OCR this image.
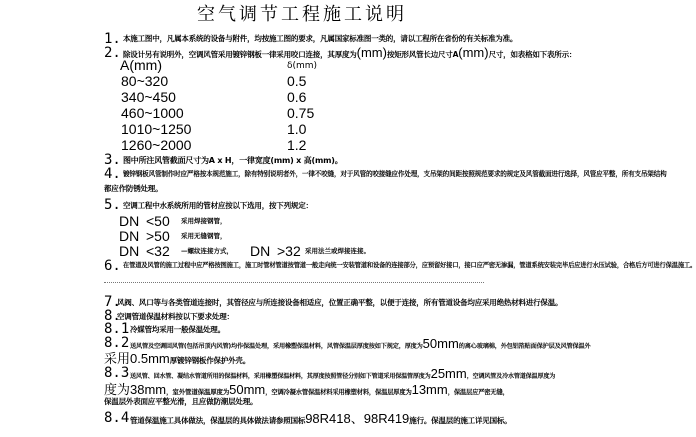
空气调节工程施工说明
1. 本施工图中，凡属本系统的设备与附件，均按施工图的要求，凡属国家标准图一类的，请以工程所在省份的有关标准为准。
2. 除设计另有说明外，空调风管采用镀锌钢板一律采用咬口连接，其厚度为(mm)按矩形风管长边尺寸A(mm)尺寸，如表格如下表所示：
A(mm)	δ(mm)
80~320	0.5
340~450	0.6
460~1000	0.75
1010~1250	1.0
1260~2000	1.2
3. 图中所注风管截面尺寸为A x H，一律宽度(mm) x 高(mm)。
4. 镀锌钢板风管制作时应严格按本规范施工，除有特别说明者外，一律不咬缝，对于风管的咬接缝应作处理，支吊架的间距按照规范要求的规定及风管截面进行选择，风管应平整，所有支吊架结构
都应作防锈处理。
5. 空调工程中水系统所用的管材应按以下选用，按下列规定：
DN <50 采用焊接钢管，
DN >50 采用无缝钢管，
DN <32 —螺纹连接方式， DN >32 采用法兰或焊接连接。
6. 在管道及风管的施工过程中应严格按图施工，施工时管材管道按管道一般走向统一安装管道和设备的连接部分，应预留好接口，接口应严密无渗漏，管道系统安装完毕后应进行水压试验，合格后方可进行保温施工。
7.
风阀、风口等与各类管道连接时，其管径应与所连接设备相适应，位置正确平整，以便于连接，所有管道设备均应采用绝热材料进行保温。
8.
空调管道保温材料按以下要求处理：
8.1 冷媒管均采用一般保温处理。
8.2 送风管及空调回风管(包括吊顶内风管)均作保温处理，采用橡塑保温材料，风管保温层厚度按如下规定，厚度为50mm的离心玻璃棉，外包铝箔贴面保护层及风管保温外
采用0.5mm厚镀锌钢板作保护外壳。
8.3 送风管、回水管、凝结水管道所用的保温材料，采用橡塑保温材料，其厚度按照管径分别如下管道采用保温管厚度为25mm，空调风管及冷水管道保温厚度为
度为38mm，室外管道保温厚度为50mm，空调冷凝水管保温材料采用橡塑材料，保温层厚度为13mm，保温层应严密无缝，
保温层外表面应平整光滑，且应做防潮层处理。
8.4 管道保温施工具体做法，保温层的具体做法请参照国标98R418、98R419施行。保温层的施工详见国标。
